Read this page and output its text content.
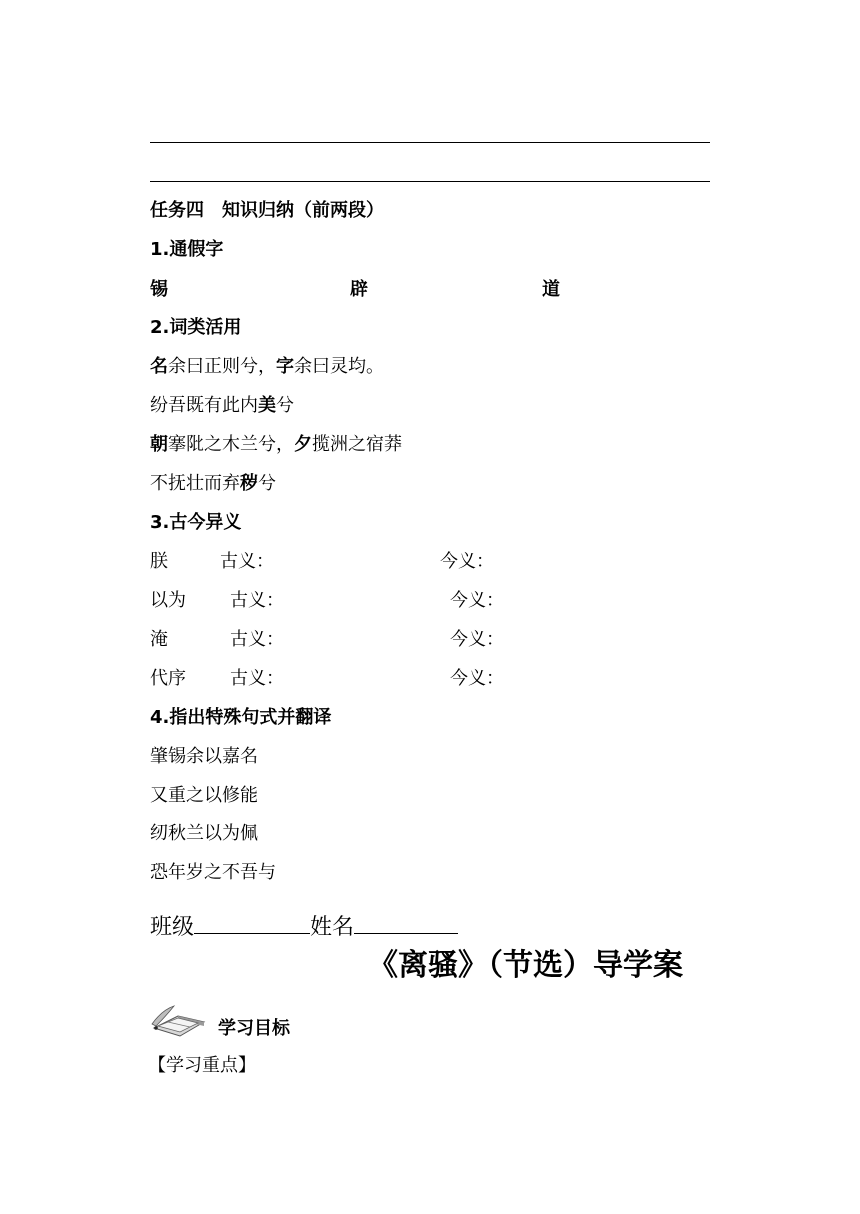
任务四　知识归纳（前两段）
1.通假字
锡	辟	道
2.词类活用
名余曰正则兮，字余曰灵均。
纷吾既有此内美兮
朝搴阰之木兰兮，夕揽洲之宿莽
不抚壮而弃秽兮
3.古今异义
朕	古义：	今义：
以为 古义：	今义：
淹	古义：	今义：
代序 古义：	今义：
4.指出特殊句式并翻译
肇锡余以嘉名
又重之以修能
纫秋兰以为佩
恐年岁之不吾与
班级	姓名
《离骚》（节选）导学案
学习目标
【学习重点】
